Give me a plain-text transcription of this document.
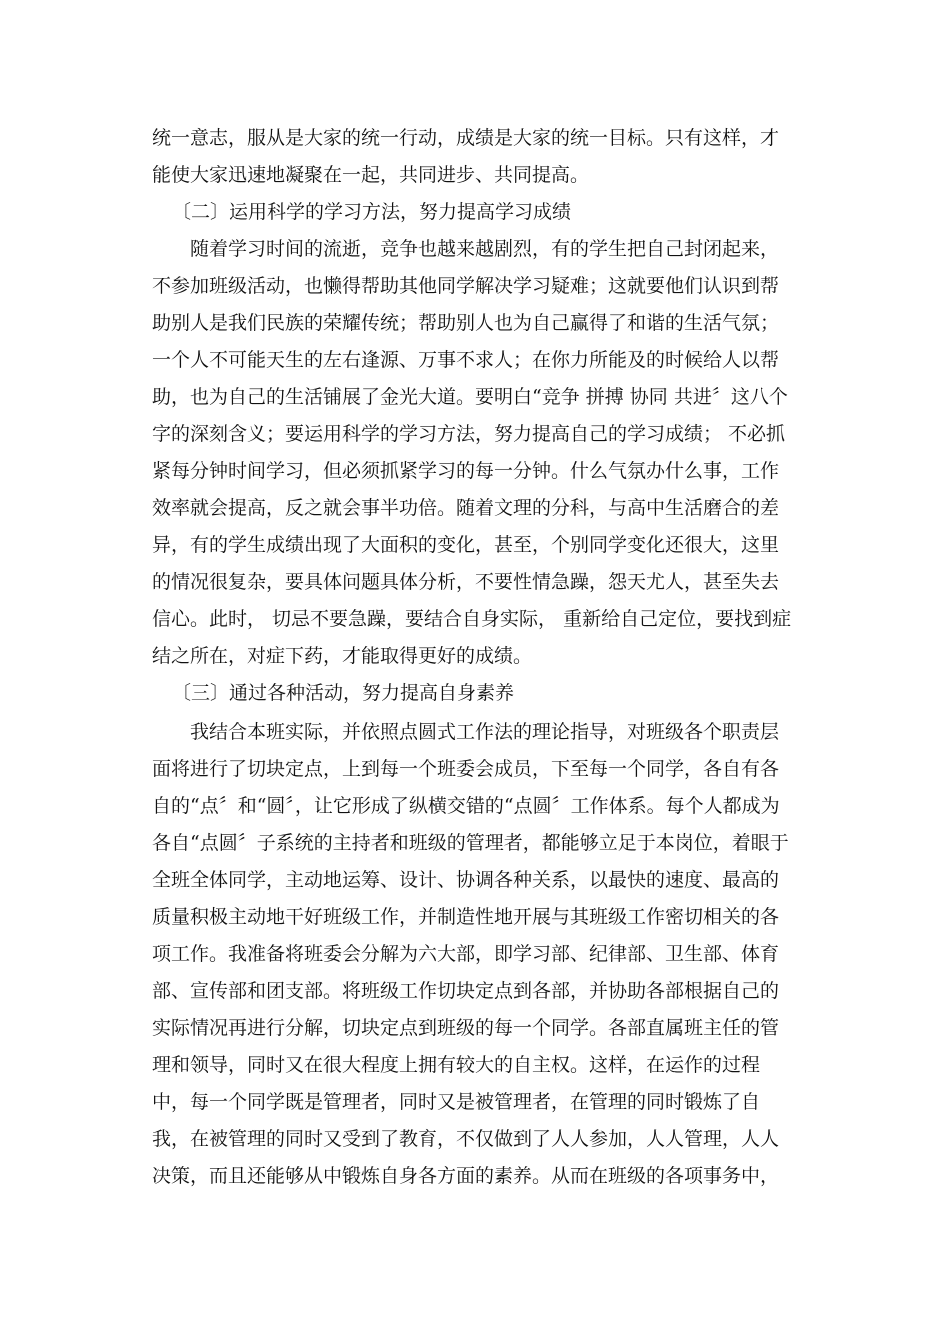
统一意志，服从是大家的统一行动，成绩是大家的统一目标。只有这样，才
能使大家迅速地凝聚在一起，共同进步、共同提高。
〔二〕运用科学的学习方法，努力提高学习成绩
随着学习时间的流逝，竞争也越来越剧烈，有的学生把自己封闭起来，
不参加班级活动，也懒得帮助其他同学解决学习疑难；这就要他们认识到帮
助别人是我们民族的荣耀传统；帮助别人也为自己赢得了和谐的生活气氛；
一个人不可能天生的左右逢源、万事不求人；在你力所能及的时候给人以帮
助，也为自己的生活铺展了金光大道。要明白“竞争 拼搏 协同 共进〞这八个
字的深刻含义；要运用科学的学习方法，努力提高自己的学习成绩； 不必抓
紧每分钟时间学习，但必须抓紧学习的每一分钟。什么气氛办什么事，工作
效率就会提高，反之就会事半功倍。随着文理的分科，与高中生活磨合的差
异，有的学生成绩出现了大面积的变化，甚至，个别同学变化还很大，这里
的情况很复杂，要具体问题具体分析，不要性情急躁，怨天尤人，甚至失去
信心。此时， 切忌不要急躁，要结合自身实际， 重新给自己定位，要找到症
结之所在，对症下药，才能取得更好的成绩。
〔三〕通过各种活动，努力提高自身素养
我结合本班实际，并依照点圆式工作法的理论指导，对班级各个职责层
面将进行了切块定点，上到每一个班委会成员，下至每一个同学，各自有各
自的“点〞和“圆〞，让它形成了纵横交错的“点圆〞工作体系。每个人都成为
各自“点圆〞子系统的主持者和班级的管理者，都能够立足于本岗位，着眼于
全班全体同学，主动地运筹、设计、协调各种关系，以最快的速度、最高的
质量积极主动地干好班级工作，并制造性地开展与其班级工作密切相关的各
项工作。我准备将班委会分解为六大部，即学习部、纪律部、卫生部、体育
部、宣传部和团支部。将班级工作切块定点到各部，并协助各部根据自己的
实际情况再进行分解，切块定点到班级的每一个同学。各部直属班主任的管
理和领导，同时又在很大程度上拥有较大的自主权。这样，在运作的过程
中，每一个同学既是管理者，同时又是被管理者，在管理的同时锻炼了自
我，在被管理的同时又受到了教育，不仅做到了人人参加，人人管理，人人
决策，而且还能够从中锻炼自身各方面的素养。从而在班级的各项事务中，
